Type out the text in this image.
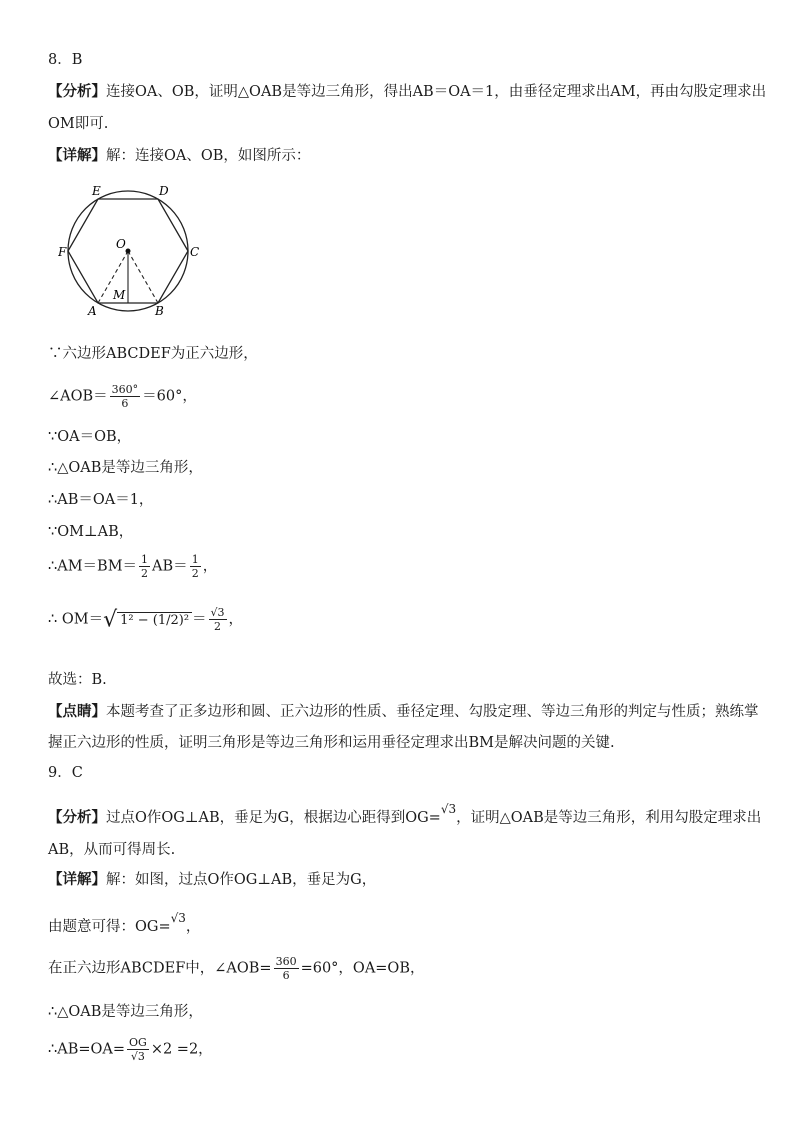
8．B
【分析】连接OA、OB，证明△OAB是等边三角形，得出AB＝OA＝1，由垂径定理求出AM，再由勾股定理求出
OM即可.
【详解】解：连接OA、OB，如图所示：
E	D
F	C
O
M
A	B
∵六边形ABCDEF为正六边形，
∠AOB＝ $\frac{360^\circ}{6} =60^\circ$，
∵OA＝OB，
∴△OAB是等边三角形，
∴AB＝OA＝1，
∵OM⊥AB，
∴AM＝BM＝ $\frac{1}{2} AB= \frac{1}{2}$ ，
∴ OM＝√ $1^2 - (1/2)^2 = \frac{√3}{2}$ ，
故选：B.
【点睛】本题考查了正多边形和圆、正六边形的性质、垂径定理、勾股定理、等边三角形的判定与性质；熟练掌
握正六边形的性质，证明三角形是等边三角形和运用垂径定理求出BM是解决问题的关键.
9．C
【分析】过点O作OG⊥AB，垂足为G，根据边心距得到OG=$^{√3}$，证明△OAB是等边三角形，利用勾股定理求出
AB，从而可得周长.
【详解】解：如图，过点O作OG⊥AB，垂足为G，
由题意可得：OG=$^{√3}$，
在正六边形ABCDEF中，∠AOB= $\frac{360}{6} =60^\circ$，OA=OB，
∴△OAB是等边三角形，
∴AB=OA= $\frac{OG}{√3} \times 2 =2$，
